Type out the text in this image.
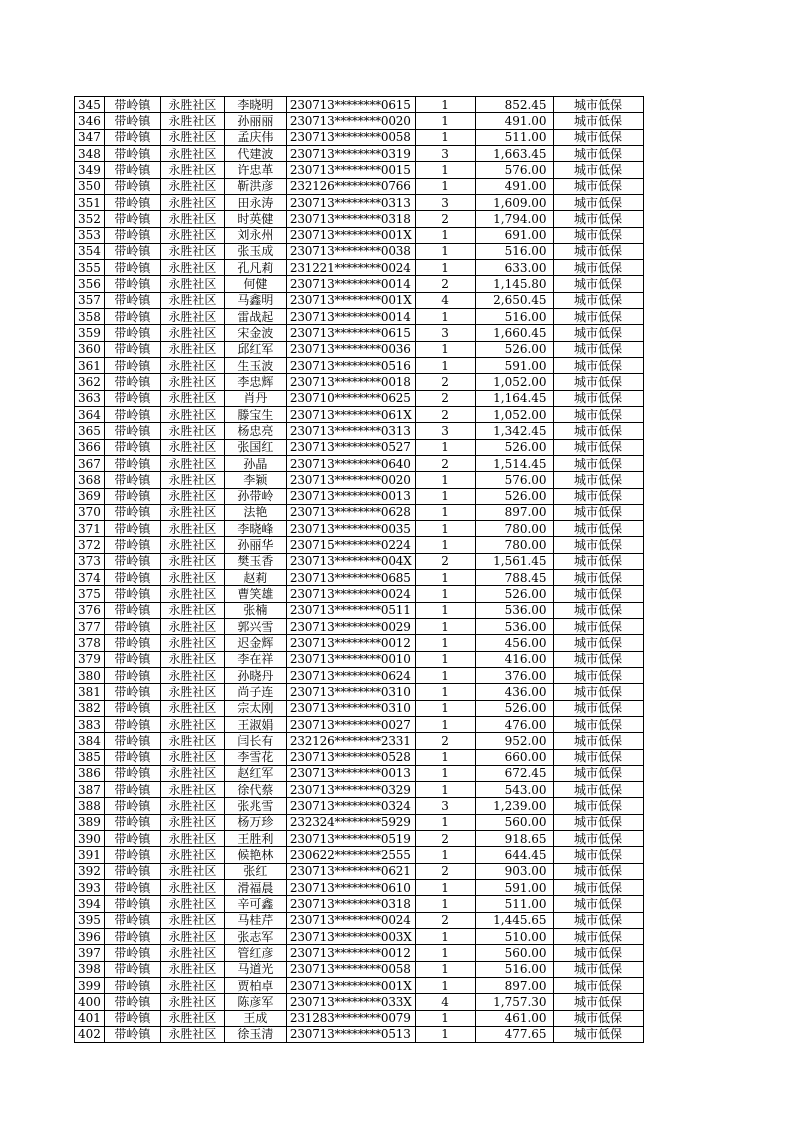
345	带岭镇	永胜社区	李晓明	230713********0615	1	852.45	城市低保
346	带岭镇	永胜社区	孙丽丽	230713********0020	1	491.00	城市低保
347	带岭镇	永胜社区	孟庆伟	230713********0058	1	511.00	城市低保
348	带岭镇	永胜社区	代建波	230713********0319	3	1,663.45	城市低保
349	带岭镇	永胜社区	许忠革	230713********0015	1	576.00	城市低保
350	带岭镇	永胜社区	靳洪彦	232126********0766	1	491.00	城市低保
351	带岭镇	永胜社区	田永涛	230713********0313	3	1,609.00	城市低保
352	带岭镇	永胜社区	时英健	230713********0318	2	1,794.00	城市低保
353	带岭镇	永胜社区	刘永州	230713********001X	1	691.00	城市低保
354	带岭镇	永胜社区	张玉成	230713********0038	1	516.00	城市低保
355	带岭镇	永胜社区	孔凡莉	231221********0024	1	633.00	城市低保
356	带岭镇	永胜社区	何健	230713********0014	2	1,145.80	城市低保
357	带岭镇	永胜社区	马鑫明	230713********001X	4	2,650.45	城市低保
358	带岭镇	永胜社区	雷战起	230713********0014	1	516.00	城市低保
359	带岭镇	永胜社区	宋金波	230713********0615	3	1,660.45	城市低保
360	带岭镇	永胜社区	邱红军	230713********0036	1	526.00	城市低保
361	带岭镇	永胜社区	生玉波	230713********0516	1	591.00	城市低保
362	带岭镇	永胜社区	李忠辉	230713********0018	2	1,052.00	城市低保
363	带岭镇	永胜社区	肖丹	230710********0625	2	1,164.45	城市低保
364	带岭镇	永胜社区	滕宝生	230713********061X	2	1,052.00	城市低保
365	带岭镇	永胜社区	杨忠亮	230713********0313	3	1,342.45	城市低保
366	带岭镇	永胜社区	张国红	230713********0527	1	526.00	城市低保
367	带岭镇	永胜社区	孙晶	230713********0640	2	1,514.45	城市低保
368	带岭镇	永胜社区	李颖	230713********0020	1	576.00	城市低保
369	带岭镇	永胜社区	孙带岭	230713********0013	1	526.00	城市低保
370	带岭镇	永胜社区	法艳	230713********0628	1	897.00	城市低保
371	带岭镇	永胜社区	李晓峰	230713********0035	1	780.00	城市低保
372	带岭镇	永胜社区	孙丽华	230715********0224	1	780.00	城市低保
373	带岭镇	永胜社区	樊玉香	230713********004X	2	1,561.45	城市低保
374	带岭镇	永胜社区	赵莉	230713********0685	1	788.45	城市低保
375	带岭镇	永胜社区	曹笑雄	230713********0024	1	526.00	城市低保
376	带岭镇	永胜社区	张楠	230713********0511	1	536.00	城市低保
377	带岭镇	永胜社区	郭兴雪	230713********0029	1	536.00	城市低保
378	带岭镇	永胜社区	迟金辉	230713********0012	1	456.00	城市低保
379	带岭镇	永胜社区	李在祥	230713********0010	1	416.00	城市低保
380	带岭镇	永胜社区	孙晓丹	230713********0624	1	376.00	城市低保
381	带岭镇	永胜社区	尚子连	230713********0310	1	436.00	城市低保
382	带岭镇	永胜社区	宗太刚	230713********0310	1	526.00	城市低保
383	带岭镇	永胜社区	王淑娟	230713********0027	1	476.00	城市低保
384	带岭镇	永胜社区	闫长有	232126********2331	2	952.00	城市低保
385	带岭镇	永胜社区	李雪花	230713********0528	1	660.00	城市低保
386	带岭镇	永胜社区	赵红军	230713********0013	1	672.45	城市低保
387	带岭镇	永胜社区	徐代蔡	230713********0329	1	543.00	城市低保
388	带岭镇	永胜社区	张兆雪	230713********0324	3	1,239.00	城市低保
389	带岭镇	永胜社区	杨万珍	232324********5929	1	560.00	城市低保
390	带岭镇	永胜社区	王胜利	230713********0519	2	918.65	城市低保
391	带岭镇	永胜社区	候艳林	230622********2555	1	644.45	城市低保
392	带岭镇	永胜社区	张红	230713********0621	2	903.00	城市低保
393	带岭镇	永胜社区	滑福晨	230713********0610	1	591.00	城市低保
394	带岭镇	永胜社区	辛可鑫	230713********0318	1	511.00	城市低保
395	带岭镇	永胜社区	马桂芹	230713********0024	2	1,445.65	城市低保
396	带岭镇	永胜社区	张志军	230713********003X	1	510.00	城市低保
397	带岭镇	永胜社区	管红彦	230713********0012	1	560.00	城市低保
398	带岭镇	永胜社区	马道光	230713********0058	1	516.00	城市低保
399	带岭镇	永胜社区	贾柏卓	230713********001X	1	897.00	城市低保
400	带岭镇	永胜社区	陈彦军	230713********033X	4	1,757.30	城市低保
401	带岭镇	永胜社区	王成	231283********0079	1	461.00	城市低保
402	带岭镇	永胜社区	徐玉清	230713********0513	1	477.65	城市低保
